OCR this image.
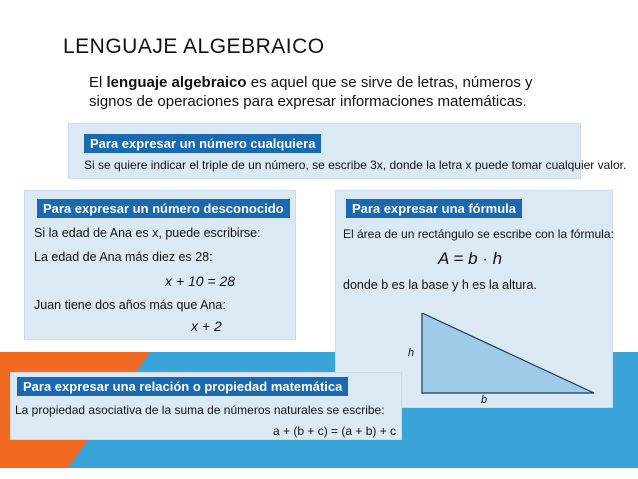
LENGUAJE ALGEBRAICO
El lenguaje algebraico es aquel que se sirve de letras, números y signos de operaciones para expresar informaciones matemáticas.
Para expresar un número cualquiera
Si se quiere indicar el triple de un número, se escribe 3x, donde la letra x puede tomar cualquier valor.
Para expresar un número desconocido
Si la edad de Ana es x, puede escribirse:
La edad de Ana más diez es 28:
x + 10 = 28
Juan tiene dos años más que Ana:
x + 2
Para expresar una fórmula
El área de un rectángulo se escribe con la fórmula:
A = b · h
donde b es la base y h es la altura.
h
b
Para expresar una relación o propiedad matemática
La propiedad asociativa de la suma de números naturales se escribe:
a + (b + c) = (a + b) + c
